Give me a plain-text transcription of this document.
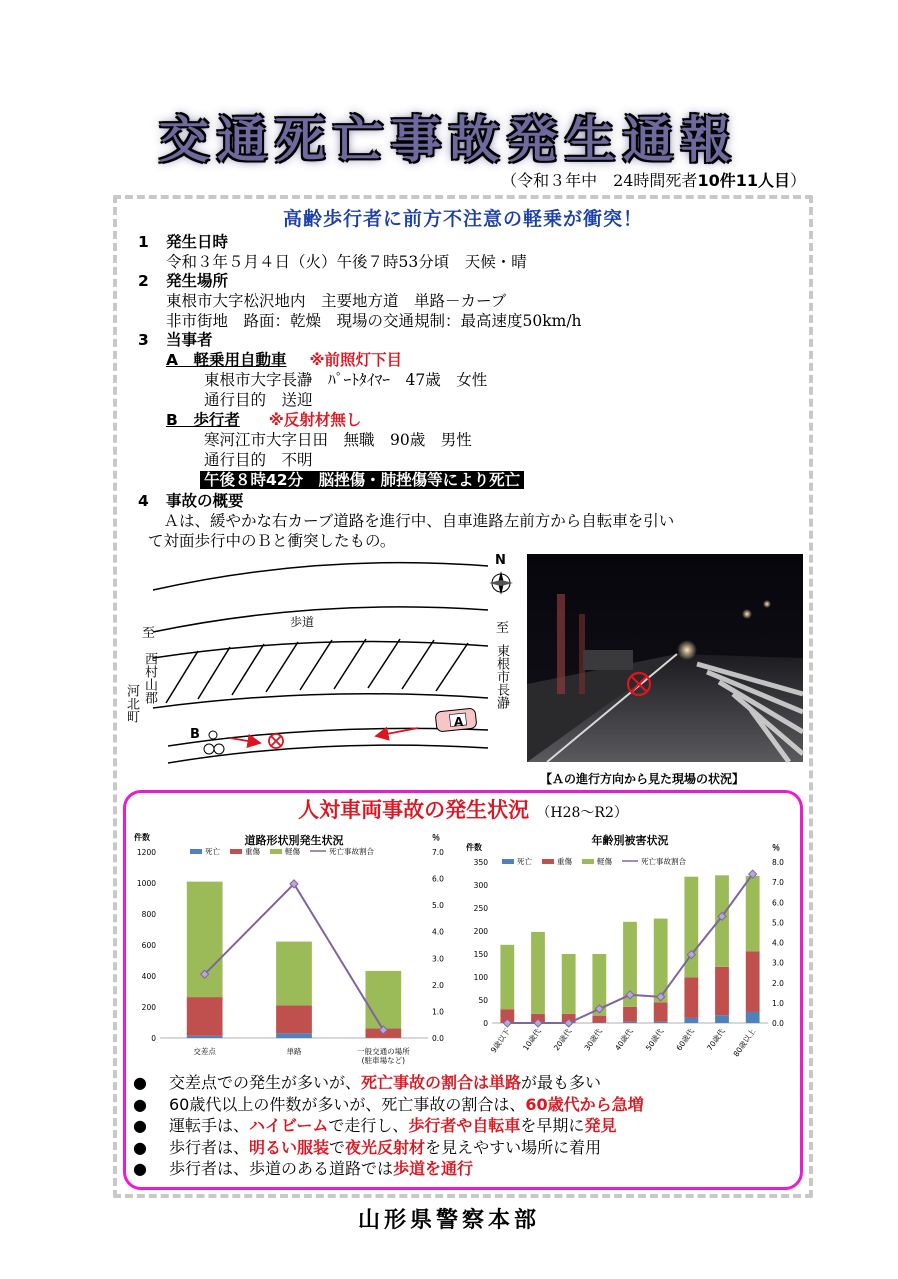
交通死亡事故発生通報
（令和３年中　24時間死者10件11人目）
高齢歩行者に前方不注意の軽乗が衝突！
1 発生日時
令和３年５月４日（火）午後７時53分頃　天候・晴
2 発生場所
東根市大字松沢地内　主要地方道　単路－カーブ
非市街地　路面：乾燥　現場の交通規制：最高速度50km/h
3 当事者
A　軽乗用自動車 ※前照灯下目
東根市大字長瀞　ﾊﾟｰﾄﾀｲﾏｰ　47歳　女性
通行目的　送迎
B　歩行者 ※反射材無し
寒河江市大字日田　無職　90歳　男性
通行目的　不明
午後８時42分　脳挫傷・肺挫傷等により死亡
4 事故の概要
　Ａは、緩やかな右カーブ道路を進行中、自車進路左前方から自転車を引い
て対面歩行中のＢと衝突したもの。
歩道
N
B
A
至
西村山郡
河北町
至
東根市長瀞
【Ａの進行方向から見た現場の状況】
人対車両事故の発生状況 （H28～R2）
道路形状別発生状況
件数	％
0
200
400
600
800
1000
1200
0.0
1.0
2.0
3.0
4.0
5.0
6.0
7.0
死亡	重傷	軽傷	死亡事故割合
交差点	単路	一般交通の場所
(駐車場など)
年齢別被害状況
件数	％
0
50
100
150
200
250
300
350
0.0
1.0
2.0
3.0
4.0
5.0
6.0
7.0
8.0
死亡	重傷	軽傷	死亡事故割合
9歳以下 10歳代 20歳代 30歳代 40歳代 50歳代 60歳代 70歳代 80歳以上
● 交差点での発生が多いが、死亡事故の割合は単路が最も多い
● 60歳代以上の件数が多いが、死亡事故の割合は、60歳代から急増
● 運転手は、ハイビームで走行し、歩行者や自転車を早期に発見
● 歩行者は、明るい服装で夜光反射材を見えやすい場所に着用
● 歩行者は、歩道のある道路では歩道を通行
山形県警察本部
